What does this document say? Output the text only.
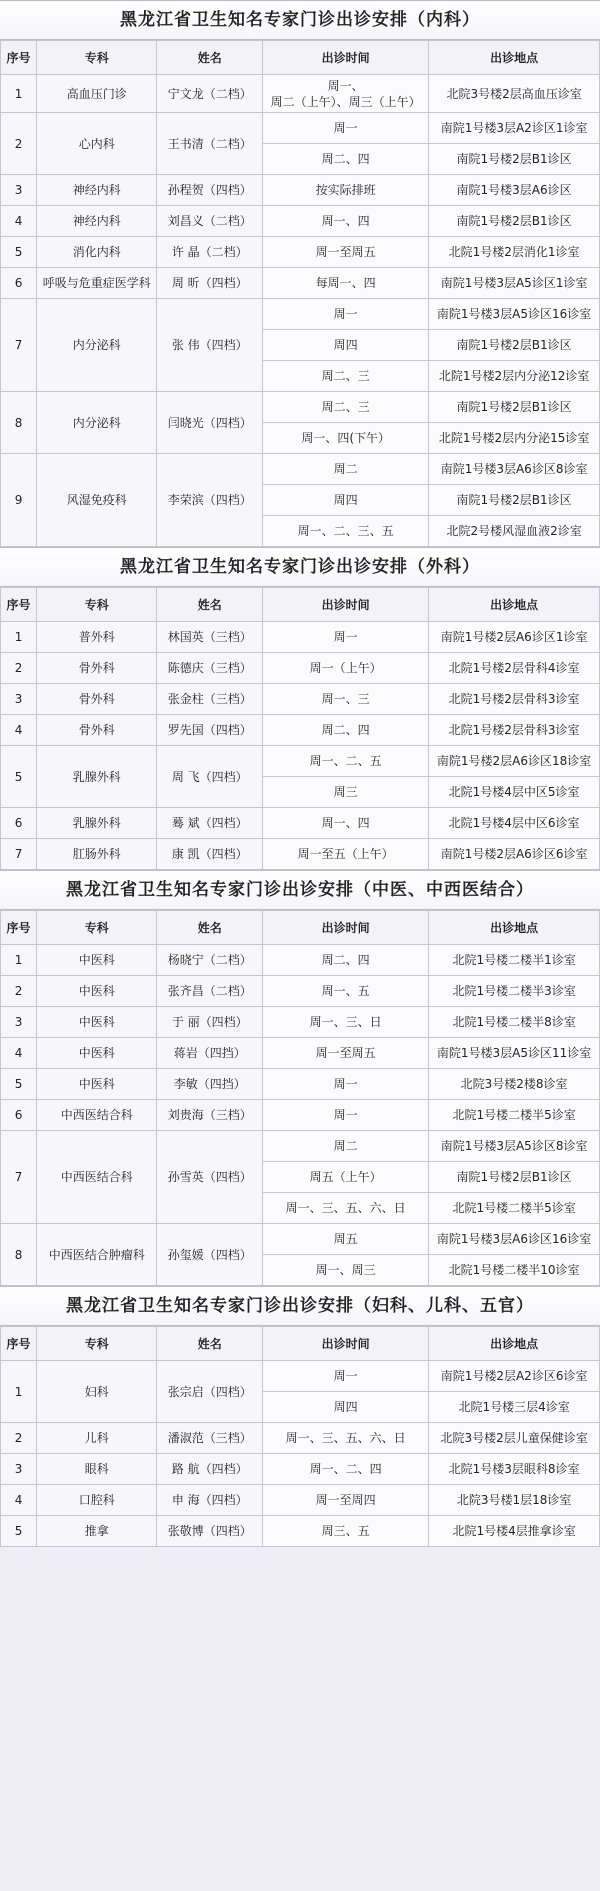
黑龙江省卫生知名专家门诊出诊安排（内科）
序号	专科	姓名	出诊时间	出诊地点
1	高血压门诊	宁文龙（二档）	周一、
周二（上午）、周三（上午）	北院3号楼2层高血压诊室
2	心内科	王书清（二档）	周一	南院1号楼3层A2诊区1诊室

			周二、四	南院1号楼2层B1诊区
3	神经内科	孙程贺（四档）	按实际排班	南院1号楼3层A6诊区
4	神经内科	刘昌义（二档）	周一、四	南院1号楼2层B1诊区
5	消化内科	许 晶（二档）	周一至周五	北院1号楼2层消化1诊室
6	呼吸与危重症医学科	周 昕（四档）	每周一、四	南院1号楼3层A5诊区1诊室
7	内分泌科	张 伟（四档）	周一	南院1号楼3层A5诊区16诊室

			周四	南院1号楼2层B1诊区

			周二、三	北院1号楼2层内分泌12诊室
8	内分泌科	闫晓光（四档）	周二、三	南院1号楼2层B1诊区

			周一、四(下午）	北院1号楼2层内分泌15诊室
9	风湿免疫科	李荣滨（四档）	周二	南院1号楼3层A6诊区8诊室

			周四	南院1号楼2层B1诊区

			周一、二、三、五	北院2号楼风湿血液2诊室
黑龙江省卫生知名专家门诊出诊安排（外科）
序号	专科	姓名	出诊时间	出诊地点
1	普外科	林国英（三档）	周一	南院1号楼2层A6诊区1诊室
2	骨外科	陈德庆（三档）	周一（上午）	北院1号楼2层骨科4诊室
3	骨外科	张金柱（三档）	周一、三	北院1号楼2层骨科3诊室
4	骨外科	罗先国（四档）	周二、四	北院1号楼2层骨科3诊室
5	乳腺外科	周 飞（四档）	周一、二、五	南院1号楼2层A6诊区18诊室

			周三	北院1号楼4层中区5诊室
6	乳腺外科	蓦 斌（四档）	周一、四	北院1号楼4层中区6诊室
7	肛肠外科	康 凯（四档）	周一至五（上午）	南院1号楼2层A6诊区6诊室
黑龙江省卫生知名专家门诊出诊安排（中医、中西医结合）
序号	专科	姓名	出诊时间	出诊地点
1	中医科	杨晓宁（二档）	周二、四	北院1号楼二楼半1诊室
2	中医科	张齐昌（二档）	周一、五	北院1号楼二楼半3诊室
3	中医科	于 丽（四档）	周一、三、日	北院1号楼二楼半8诊室
4	中医科	蒋岩（四挡）	周一至周五	南院1号楼3层A5诊区11诊室
5	中医科	李敏（四挡）	周一	北院3号楼2楼8诊室
6	中西医结合科	刘贵海（三档）	周一	北院1号楼二楼半5诊室
7	中西医结合科	孙雪英（四档）	周二	南院1号楼3层A5诊区8诊室

			周五（上午）	南院1号楼2层B1诊区

			周一、三、五、六、日	北院1号楼二楼半5诊室
8	中西医结合肿瘤科	孙玺媛（四档）	周五	南院1号楼3层A6诊区16诊室

			周一、周三	北院1号楼二楼半10诊室
黑龙江省卫生知名专家门诊出诊安排（妇科、儿科、五官）
序号	专科	姓名	出诊时间	出诊地点
1	妇科	张宗启（四档）	周一	南院1号楼2层A2诊区6诊室

			周四	北院1号楼三层4诊室
2	儿科	潘淑范（三档）	周一、三、五、六、日	北院3号楼2层儿童保健诊室
3	眼科	路 航（四档）	周一、二、四	北院1号楼3层眼科8诊室
4	口腔科	申 海（四档）	周一至周四	北院3号楼1层18诊室
5	推拿	张敬博（四档）	周三、五	北院1号楼4层推拿诊室
